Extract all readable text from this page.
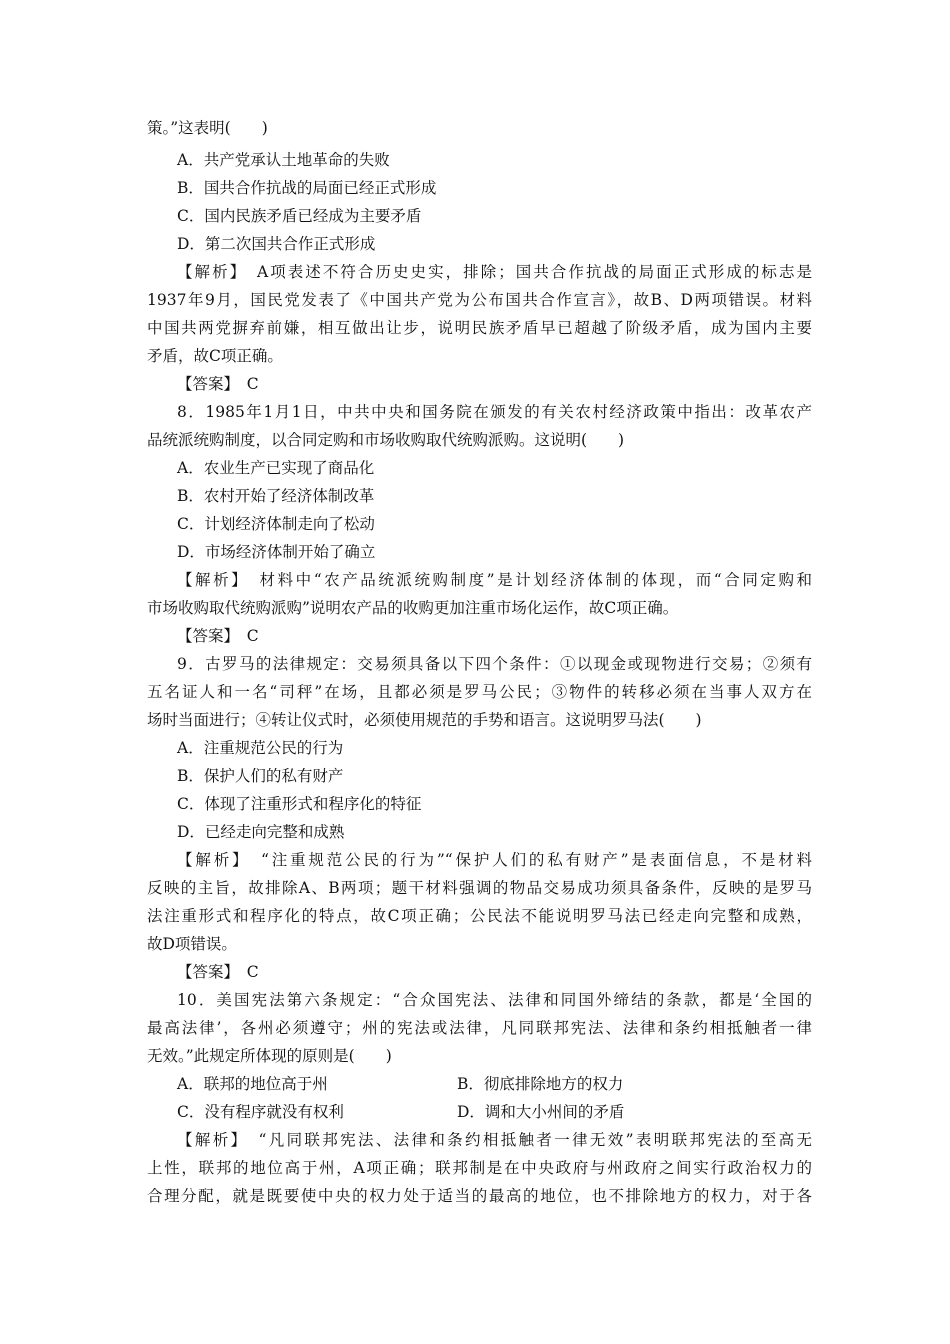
策。”这表明(　　)
A．共产党承认土地革命的失败
B．国共合作抗战的局面已经正式形成
C．国内民族矛盾已经成为主要矛盾
D．第二次国共合作正式形成
【解析】　A项表述不符合历史史实，排除；国共合作抗战的局面正式形成的标志是
1937年9月，国民党发表了《中国共产党为公布国共合作宣言》，故B、D两项错误。材料
中国共两党摒弃前嫌，相互做出让步，说明民族矛盾早已超越了阶级矛盾，成为国内主要
矛盾，故C项正确。
【答案】　C
8．1985年1月1日，中共中央和国务院在颁发的有关农村经济政策中指出：改革农产
品统派统购制度，以合同定购和市场收购取代统购派购。这说明(　　)
A．农业生产已实现了商品化
B．农村开始了经济体制改革
C．计划经济体制走向了松动
D．市场经济体制开始了确立
【解析】　材料中“农产品统派统购制度”是计划经济体制的体现，而“合同定购和
市场收购取代统购派购”说明农产品的收购更加注重市场化运作，故C项正确。
【答案】　C
9．古罗马的法律规定：交易须具备以下四个条件：①以现金或现物进行交易；②须有
五名证人和一名“司秤”在场，且都必须是罗马公民；③物件的转移必须在当事人双方在
场时当面进行；④转让仪式时，必须使用规范的手势和语言。这说明罗马法(　　)
A．注重规范公民的行为
B．保护人们的私有财产
C．体现了注重形式和程序化的特征
D．已经走向完整和成熟
【解析】　“注重规范公民的行为”“保护人们的私有财产”是表面信息，不是材料
反映的主旨，故排除A、B两项；题干材料强调的物品交易成功须具备条件，反映的是罗马
法注重形式和程序化的特点，故C项正确；公民法不能说明罗马法已经走向完整和成熟，
故D项错误。
【答案】　C
10．美国宪法第六条规定：“合众国宪法、法律和同国外缔结的条款，都是‘全国的
最高法律’，各州必须遵守；州的宪法或法律，凡同联邦宪法、法律和条约相抵触者一律
无效。”此规定所体现的原则是(　　)
A．联邦的地位高于州	B．彻底排除地方的权力
C．没有程序就没有权利	D．调和大小州间的矛盾
【解析】　“凡同联邦宪法、法律和条约相抵触者一律无效”表明联邦宪法的至高无
上性，联邦的地位高于州，A项正确；联邦制是在中央政府与州政府之间实行政治权力的
合理分配，就是既要使中央的权力处于适当的最高的地位，也不排除地方的权力，对于各
